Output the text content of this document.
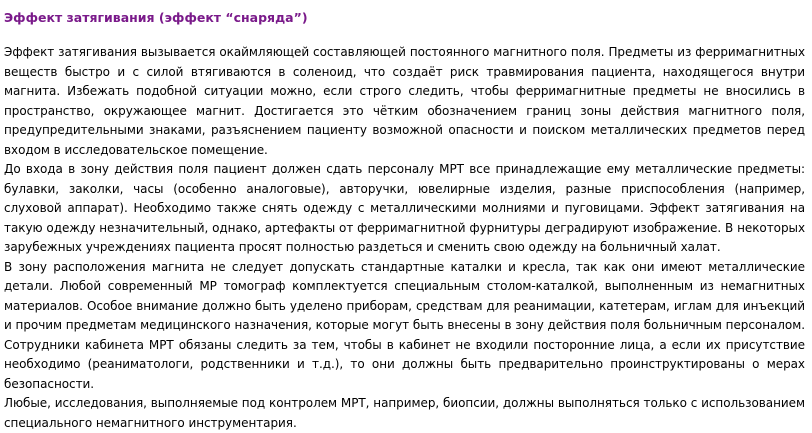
Эффект затягивания (эффект “снаряда”)

Эффект затягивания вызывается окаймляющей составляющей постоянного магнитного поля. Предметы из ферримагнитных веществ быстро и с силой втягиваются в соленоид, что создаёт риск травмирования пациента, находящегося внутри магнита. Избежать подобной ситуации можно, если строго следить, чтобы ферримагнитные предметы не вносились в пространство, окружающее магнит. Достигается это чётким обозначением границ зоны действия магнитного поля, предупредительными знаками, разъяснением пациенту возможной опасности и поиском металлических предметов перед входом в исследовательское помещение.

До входа в зону действия поля пациент должен сдать персоналу МРТ все принадлежащие ему металлические предметы: булавки, заколки, часы (особенно аналоговые), авторучки, ювелирные изделия, разные приспособления (например, слуховой аппарат). Необходимо также снять одежду с металлическими молниями и пуговицами. Эффект затягивания на такую одежду незначительный, однако, артефакты от ферримагнитной фурнитуры деградируют изображение. В некоторых зарубежных учреждениях пациента просят полностью раздеться и сменить свою одежду на больничный халат.

В зону расположения магнита не следует допускать стандартные каталки и кресла, так как они имеют металлические детали. Любой современный МР томограф комплектуется специальным столом-каталкой, выполненным из немагнитных материалов. Особое внимание должно быть уделено приборам, средствам для реанимации, катетерам, иглам для инъекций и прочим предметам медицинского назначения, которые могут быть внесены в зону действия поля больничным персоналом. Сотрудники кабинета МРТ обязаны следить за тем, чтобы в кабинет не входили посторонние лица, а если их присутствие необходимо (реаниматологи, родственники и т.д.), то они должны быть предварительно проинструктированы о мерах безопасности.

Любые, исследования, выполняемые под контролем МРТ, например, биопсии, должны выполняться только с использованием специального немагнитного инструментария.
